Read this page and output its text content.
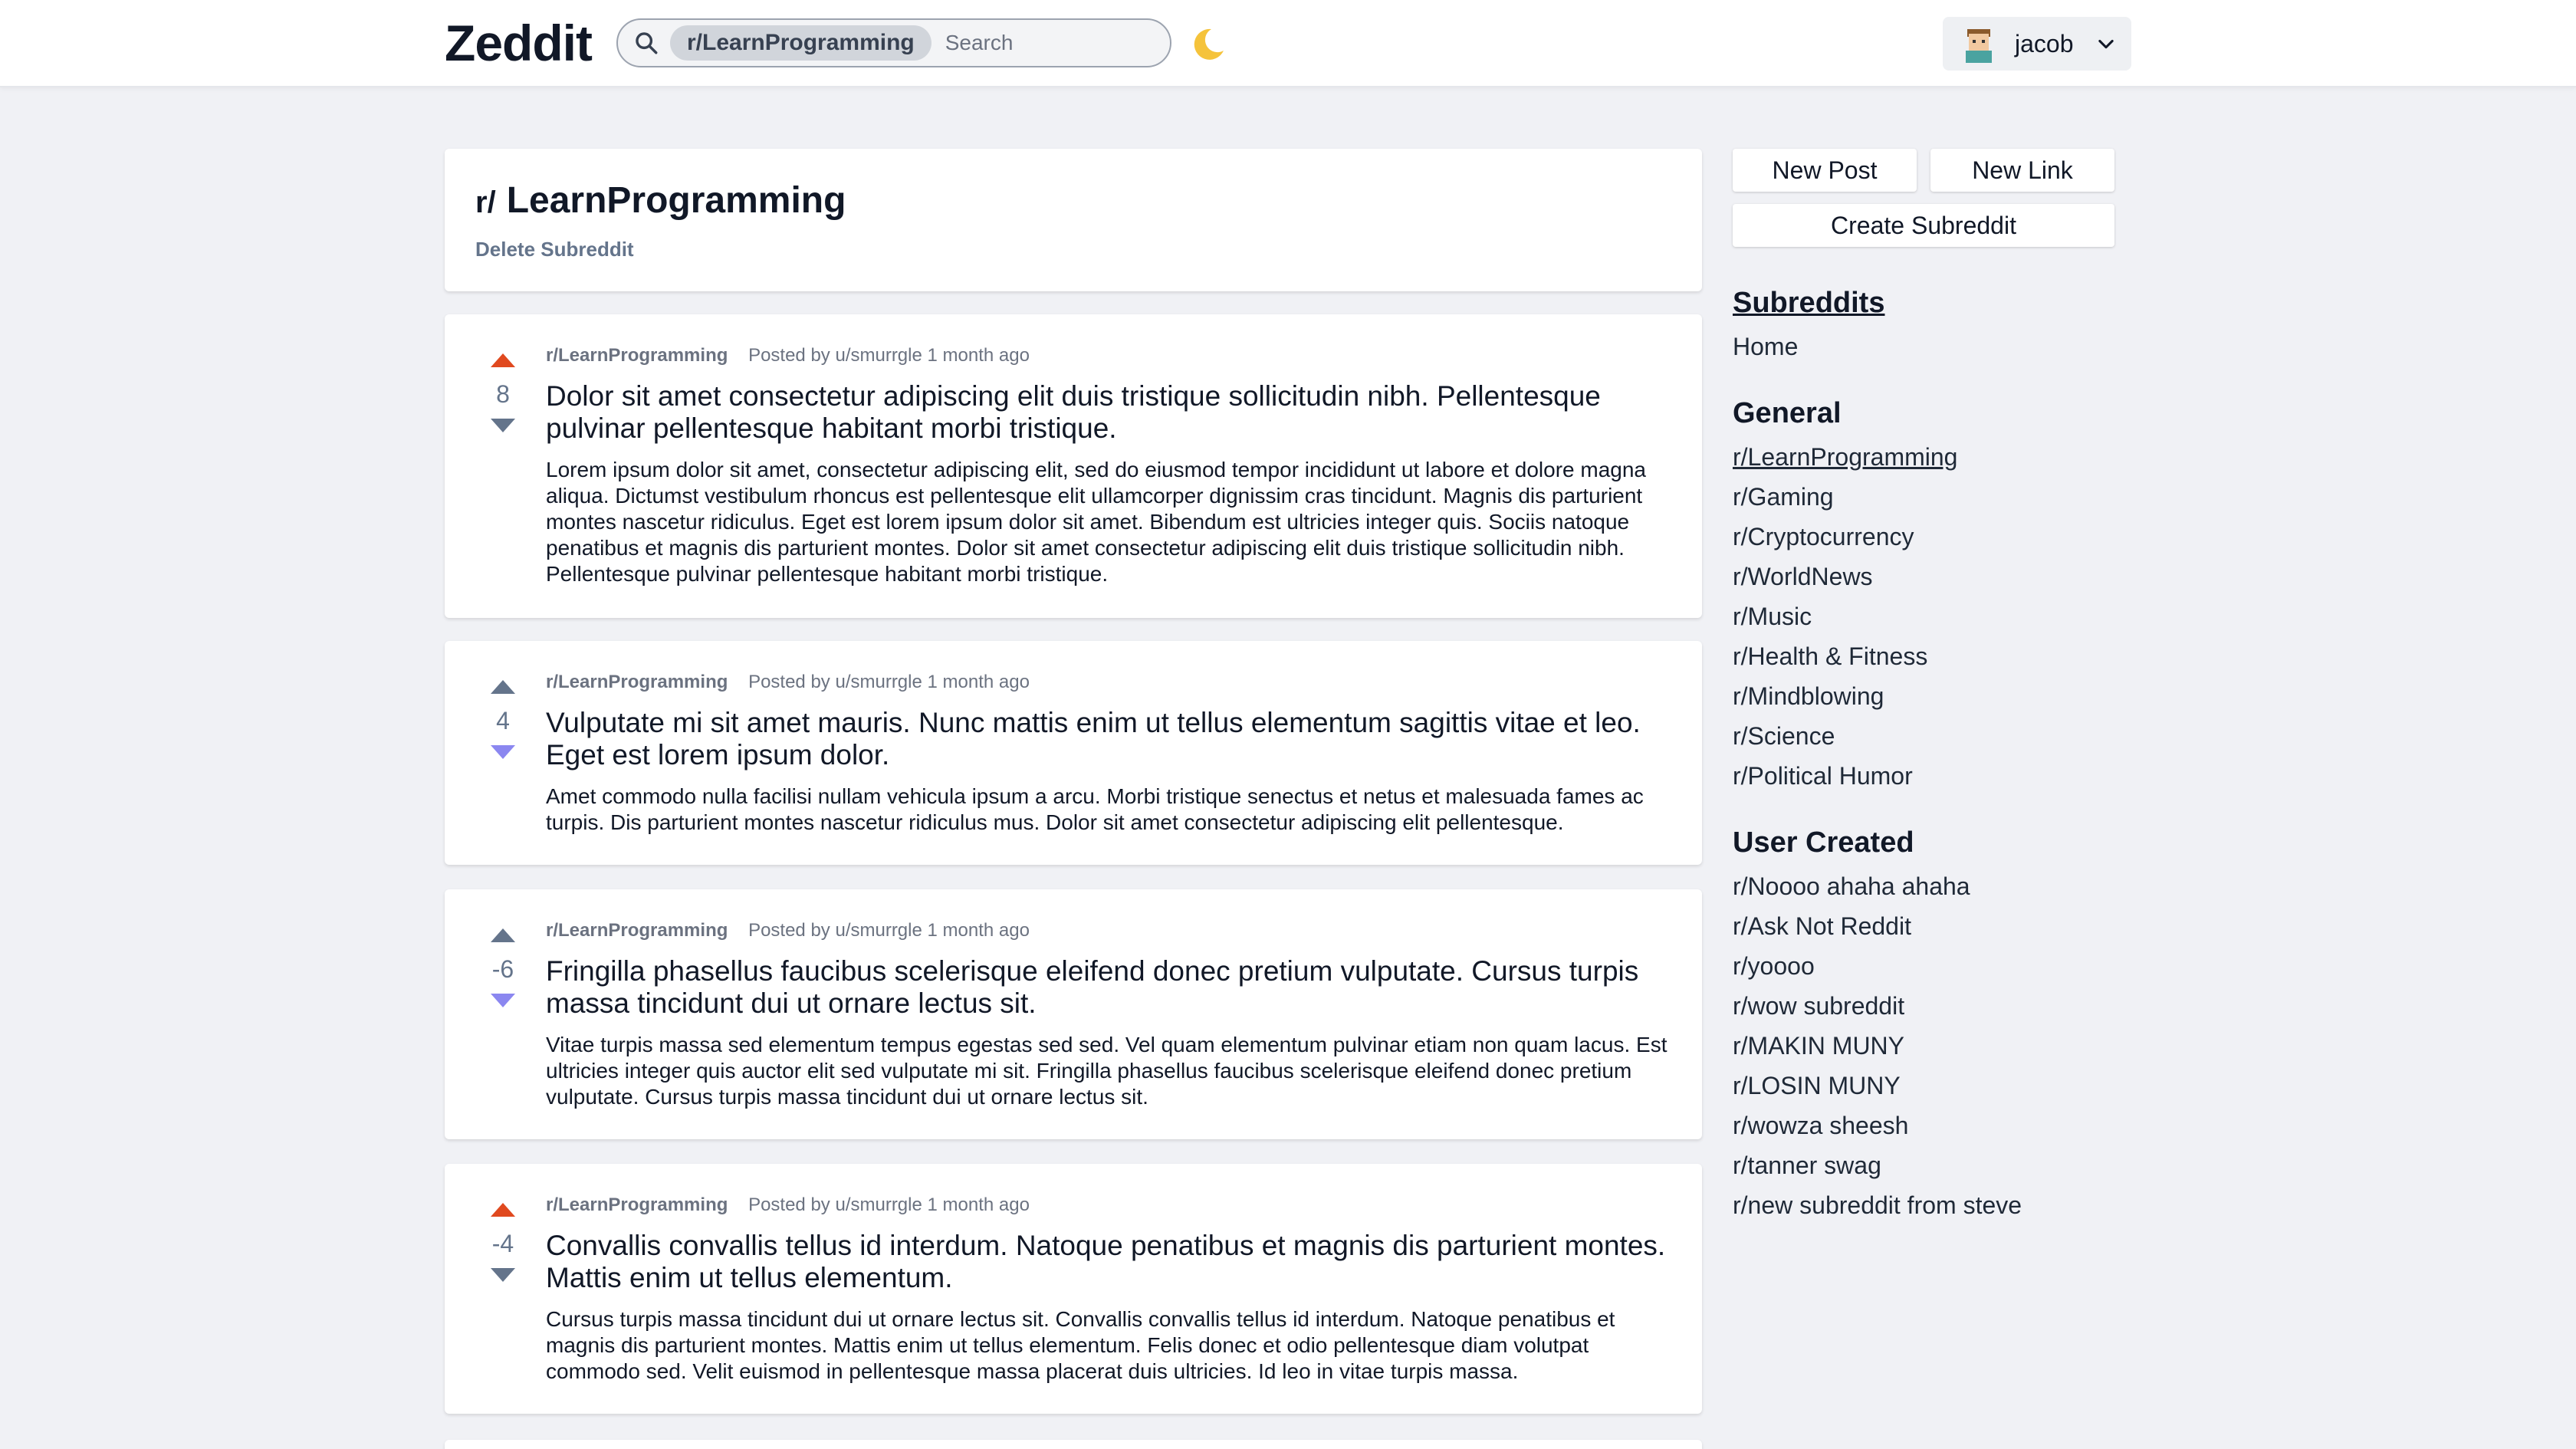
Zeddit	r/LearnProgramming
Search	jacob
r/ LearnProgramming
Delete Subreddit
8
r/LearnProgramming Posted by u/smurrgle 1 month ago
Dolor sit amet consectetur adipiscing elit duis tristique sollicitudin nibh. Pellentesque pulvinar pellentesque habitant morbi tristique.
Lorem ipsum dolor sit amet, consectetur adipiscing elit, sed do eiusmod tempor incididunt ut labore et dolore magna aliqua. Dictumst vestibulum rhoncus est pellentesque elit ullamcorper dignissim cras tincidunt. Magnis dis parturient montes nascetur ridiculus. Eget est lorem ipsum dolor sit amet. Bibendum est ultricies integer quis. Sociis natoque penatibus et magnis dis parturient montes. Dolor sit amet consectetur adipiscing elit duis tristique sollicitudin nibh. Pellentesque pulvinar pellentesque habitant morbi tristique.
4
r/LearnProgramming Posted by u/smurrgle 1 month ago
Vulputate mi sit amet mauris. Nunc mattis enim ut tellus elementum sagittis vitae et leo. Eget est lorem ipsum dolor.
Amet commodo nulla facilisi nullam vehicula ipsum a arcu. Morbi tristique senectus et netus et malesuada fames ac turpis. Dis parturient montes nascetur ridiculus mus. Dolor sit amet consectetur adipiscing elit pellentesque.
-6
r/LearnProgramming Posted by u/smurrgle 1 month ago
Fringilla phasellus faucibus scelerisque eleifend donec pretium vulputate. Cursus turpis massa tincidunt dui ut ornare lectus sit.
Vitae turpis massa sed elementum tempus egestas sed sed. Vel quam elementum pulvinar etiam non quam lacus. Est ultricies integer quis auctor elit sed vulputate mi sit. Fringilla phasellus faucibus scelerisque eleifend donec pretium vulputate. Cursus turpis massa tincidunt dui ut ornare lectus sit.
-4
r/LearnProgramming Posted by u/smurrgle 1 month ago
Convallis convallis tellus id interdum. Natoque penatibus et magnis dis parturient montes. Mattis enim ut tellus elementum.
Cursus turpis massa tincidunt dui ut ornare lectus sit. Convallis convallis tellus id interdum. Natoque penatibus et magnis dis parturient montes. Mattis enim ut tellus elementum. Felis donec et odio pellentesque diam volutpat commodo sed. Velit euismod in pellentesque massa placerat duis ultricies. Id leo in vitae turpis massa.
New Post	New Link
Create Subreddit
Subreddits
Home
General
r/LearnProgramming
r/Gaming
r/Cryptocurrency
r/WorldNews
r/Music
r/Health & Fitness
r/Mindblowing
r/Science
r/Political Humor
User Created
r/Noooo ahaha ahaha
r/Ask Not Reddit
r/yoooo
r/wow subreddit
r/MAKIN MUNY
r/LOSIN MUNY
r/wowza sheesh
r/tanner swag
r/new subreddit from steve
